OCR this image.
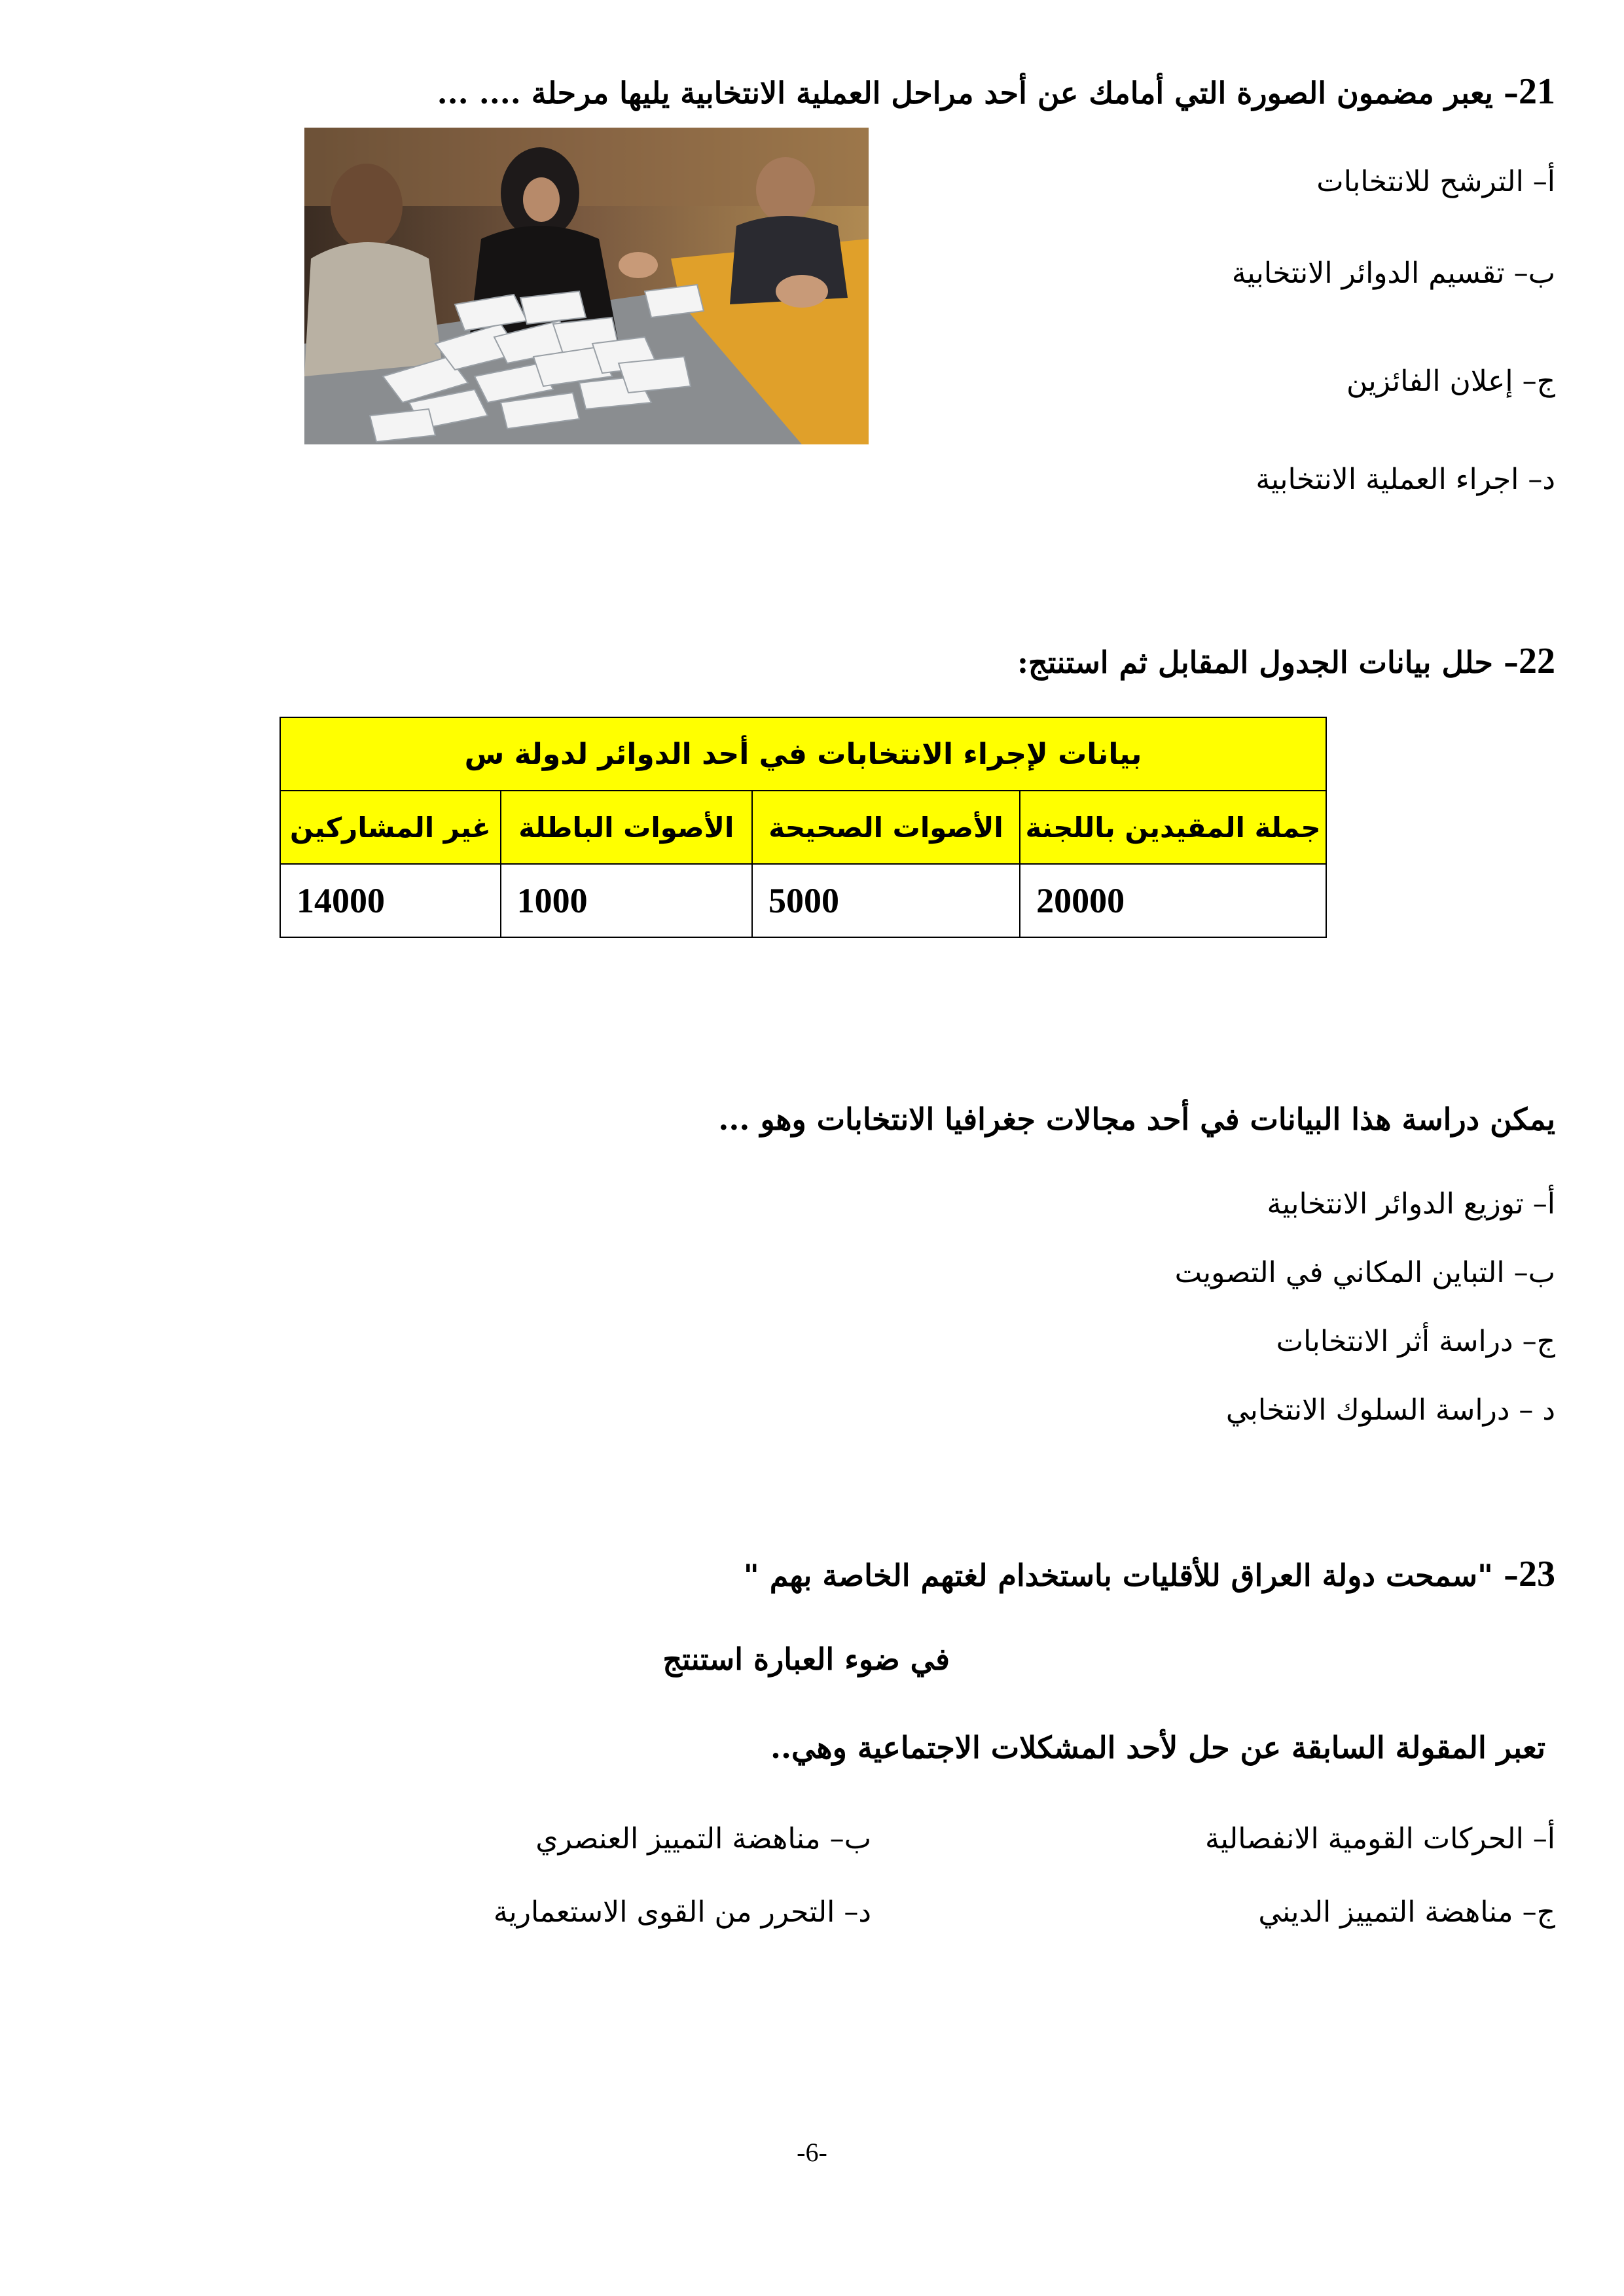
21– يعبر مضمون الصورة التي أمامك عن أحد مراحل العملية الانتخابية يليها مرحلة .... ...
أ– الترشح للانتخابات
ب– تقسيم الدوائر الانتخابية
ج– إعلان الفائزين
د– اجراء العملية الانتخابية
22– حلل بيانات الجدول المقابل ثم استنتج:
بيانات لإجراء الانتخابات في أحد الدوائر لدولة س			
جملة المقيدين باللجنة	الأصوات الصحيحة	الأصوات الباطلة	غير المشاركين
20000	5000	1000	14000
يمكن دراسة هذا البيانات في أحد مجالات جغرافيا الانتخابات وهو ...
أ– توزيع الدوائر الانتخابية
ب– التباين المكاني في التصويت
ج– دراسة أثر الانتخابات
د – دراسة السلوك الانتخابي
23– "سمحت دولة العراق للأقليات باستخدام لغتهم الخاصة بهم "
في ضوء العبارة استنتج
تعبر المقولة السابقة عن حل لأحد المشكلات الاجتماعية وهي..
أ– الحركات القومية الانفصالية
ب– مناهضة التمييز العنصري
ج– مناهضة التمييز الديني
د– التحرر من القوى الاستعمارية
-6-
